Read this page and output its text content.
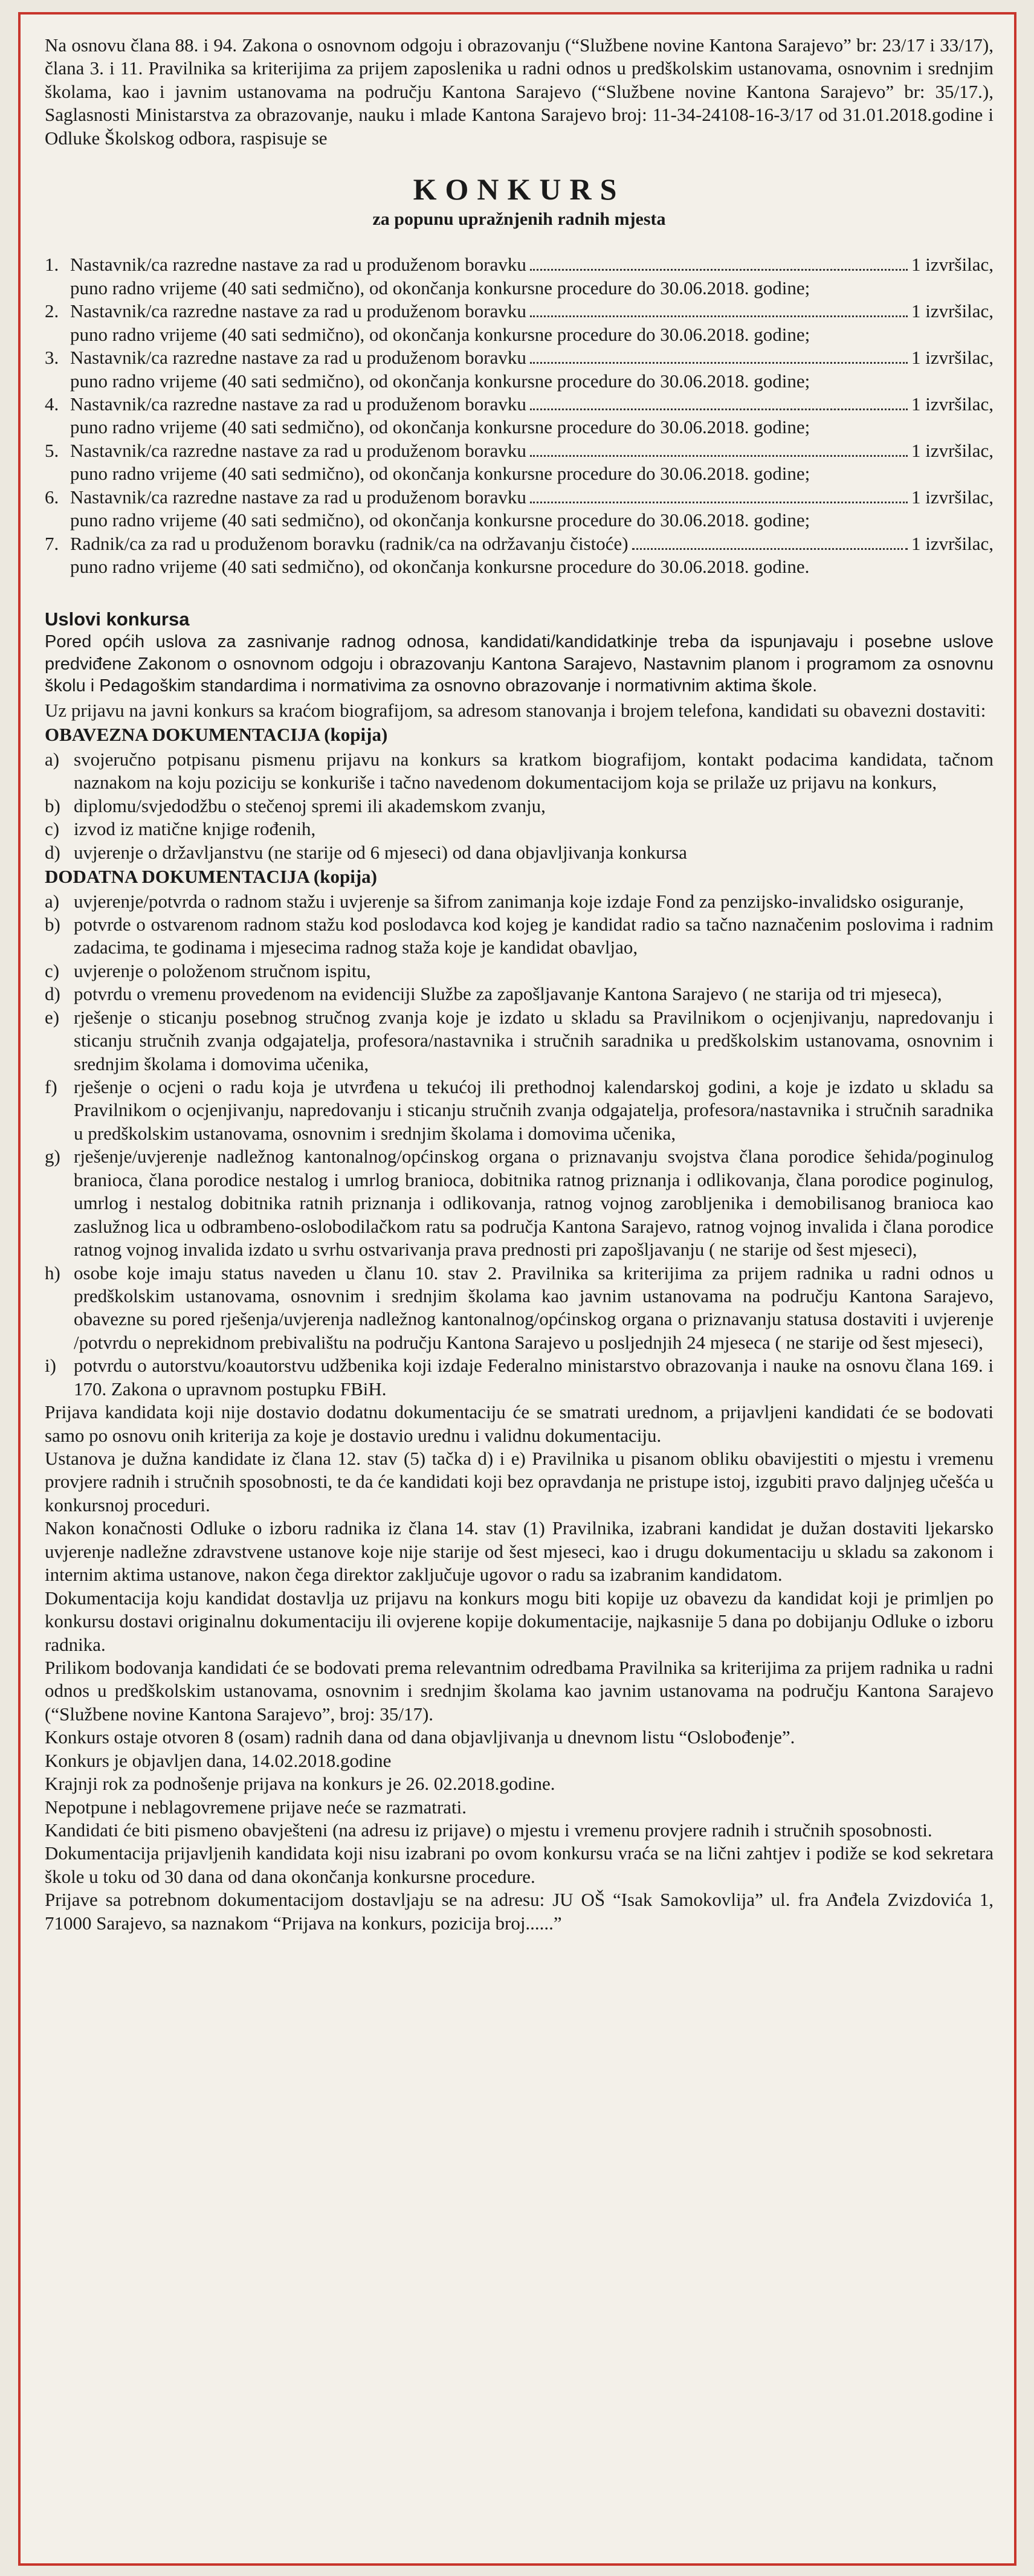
Na osnovu člana 88. i 94. Zakona o osnovnom odgoju i obrazovanju (“Službene novine Kantona Sarajevo” br: 23/17 i 33/17), člana 3. i 11. Pravilnika sa kriterijima za prijem zaposlenika u radni odnos u predškolskim ustanovama, osnovnim i srednjim školama, kao i javnim ustanovama na području Kantona Sarajevo (“Službene novine Kantona Sarajevo” br: 35/17.), Saglasnosti Ministarstva za obrazovanje, nauku i mlade Kantona Sarajevo broj: 11-34-24108-16-3/17 od 31.01.2018.godine i Odluke Školskog odbora, raspisuje se

KONKURS
za popunu upražnjenih radnih mjesta
1. Nastavnik/ca razredne nastave za rad u produženom boravku	1 izvršilac,
puno radno vrijeme (40 sati sedmično), od okončanja konkursne procedure do 30.06.2018. godine;
2. Nastavnik/ca razredne nastave za rad u produženom boravku	1 izvršilac,
puno radno vrijeme (40 sati sedmično), od okončanja konkursne procedure do 30.06.2018. godine;
3. Nastavnik/ca razredne nastave za rad u produženom boravku	1 izvršilac,
puno radno vrijeme (40 sati sedmično), od okončanja konkursne procedure do 30.06.2018. godine;
4. Nastavnik/ca razredne nastave za rad u produženom boravku	1 izvršilac,
puno radno vrijeme (40 sati sedmično), od okončanja konkursne procedure do 30.06.2018. godine;
5. Nastavnik/ca razredne nastave za rad u produženom boravku	1 izvršilac,
puno radno vrijeme (40 sati sedmično), od okončanja konkursne procedure do 30.06.2018. godine;
6. Nastavnik/ca razredne nastave za rad u produženom boravku	1 izvršilac,
puno radno vrijeme (40 sati sedmično), od okončanja konkursne procedure do 30.06.2018. godine;
7. Radnik/ca za rad u produženom boravku (radnik/ca na održavanju čistoće)	1 izvršilac,
puno radno vrijeme (40 sati sedmično), od okončanja konkursne procedure do 30.06.2018. godine.
Uslovi konkursa

Pored općih uslova za zasnivanje radnog odnosa, kandidati/kandidatkinje treba da ispunjavaju i posebne uslove predviđene Zakonom o osnovnom odgoju i obrazovanju Kantona Sarajevo, Nastavnim planom i programom za osnovnu školu i Pedagoškim standardima i normativima za osnovno obrazovanje i normativnim aktima škole.

Uz prijavu na javni konkurs sa kraćom biografijom, sa adresom stanovanja i brojem telefona, kandidati su obavezni dostaviti:

OBAVEZNA DOKUMENTACIJA (kopija)
a) svojeručno potpisanu pismenu prijavu na konkurs sa kratkom biografijom, kontakt podacima kandidata, tačnom naznakom na koju poziciju se konkuriše i tačno navedenom dokumentacijom koja se prilaže uz prijavu na konkurs,
b) diplomu/svjedodžbu o stečenoj spremi ili akademskom zvanju,
c) izvod iz matične knjige rođenih,
d) uvjerenje o državljanstvu (ne starije od 6 mjeseci) od dana objavljivanja konkursa
DODATNA DOKUMENTACIJA (kopija)
a) uvjerenje/potvrda o radnom stažu i uvjerenje sa šifrom zanimanja koje izdaje Fond za penzijsko-invalidsko osiguranje,
b) potvrde o ostvarenom radnom stažu kod poslodavca kod kojeg je kandidat radio sa tačno naznačenim poslovima i radnim zadacima, te godinama i mjesecima radnog staža koje je kandidat obavljao,
c) uvjerenje o položenom stručnom ispitu,
d) potvrdu o vremenu provedenom na evidenciji Službe za zapošljavanje Kantona Sarajevo ( ne starija od tri mjeseca),
e) rješenje o sticanju posebnog stručnog zvanja koje je izdato u skladu sa Pravilnikom o ocjenjivanju, napredovanju i sticanju stručnih zvanja odgajatelja, profesora/nastavnika i stručnih saradnika u predškolskim ustanovama, osnovnim i srednjim školama i domovima učenika,
f) rješenje o ocjeni o radu koja je utvrđena u tekućoj ili prethodnoj kalendarskoj godini, a koje je izdato u skladu sa Pravilnikom o ocjenjivanju, napredovanju i sticanju stručnih zvanja odgajatelja, profesora/nastavnika i stručnih saradnika u predškolskim ustanovama, osnovnim i srednjim školama i domovima učenika,
g) rješenje/uvjerenje nadležnog kantonalnog/općinskog organa o priznavanju svojstva člana porodice šehida/poginulog branioca, člana porodice nestalog i umrlog branioca, dobitnika ratnog priznanja i odlikovanja, člana porodice poginulog, umrlog i nestalog dobitnika ratnih priznanja i odlikovanja, ratnog vojnog zarobljenika i demobilisanog branioca kao zaslužnog lica u odbrambeno-oslobodilačkom ratu sa područja Kantona Sarajevo, ratnog vojnog invalida i člana porodice ratnog vojnog invalida izdato u svrhu ostvarivanja prava prednosti pri zapošljavanju ( ne starije od šest mjeseci),
h) osobe koje imaju status naveden u članu 10. stav 2. Pravilnika sa kriterijima za prijem radnika u radni odnos u predškolskim ustanovama, osnovnim i srednjim školama kao javnim ustanovama na području Kantona Sarajevo, obavezne su pored rješenja/uvjerenja nadležnog kantonalnog/općinskog organa o priznavanju statusa dostaviti i uvjerenje /potvrdu o neprekidnom prebivalištu na području Kantona Sarajevo u posljednjih 24 mjeseca ( ne starije od šest mjeseci),
i) potvrdu o autorstvu/koautorstvu udžbenika koji izdaje Federalno ministarstvo obrazovanja i nauke na osnovu člana 169. i 170. Zakona o upravnom postupku FBiH.

Prijava kandidata koji nije dostavio dodatnu dokumentaciju će se smatrati urednom, a prijavljeni kandidati će se bodovati samo po osnovu onih kriterija za koje je dostavio urednu i validnu dokumentaciju.

Ustanova je dužna kandidate iz člana 12. stav (5) tačka d) i e) Pravilnika u pisanom obliku obavijestiti o mjestu i vremenu provjere radnih i stručnih sposobnosti, te da će kandidati koji bez opravdanja ne pristupe istoj, izgubiti pravo daljnjeg učešća u konkursnoj proceduri.

Nakon konačnosti Odluke o izboru radnika iz člana 14. stav (1) Pravilnika, izabrani kandidat je dužan dostaviti ljekarsko uvjerenje nadležne zdravstvene ustanove koje nije starije od šest mjeseci, kao i drugu dokumentaciju u skladu sa zakonom i internim aktima ustanove, nakon čega direktor zaključuje ugovor o radu sa izabranim kandidatom.

Dokumentacija koju kandidat dostavlja uz prijavu na konkurs mogu biti kopije uz obavezu da kandidat koji je primljen po konkursu dostavi originalnu dokumentaciju ili ovjerene kopije dokumentacije, najkasnije 5 dana po dobijanju Odluke o izboru radnika.

Prilikom bodovanja kandidati će se bodovati prema relevantnim odredbama Pravilnika sa kriterijima za prijem radnika u radni odnos u predškolskim ustanovama, osnovnim i srednjim školama kao javnim ustanovama na području Kantona Sarajevo (“Službene novine Kantona Sarajevo”, broj: 35/17).

Konkurs ostaje otvoren 8 (osam) radnih dana od dana objavljivanja u dnevnom listu “Oslobođenje”.

Konkurs je objavljen dana, 14.02.2018.godine

Krajnji rok za podnošenje prijava na konkurs je 26. 02.2018.godine.

Nepotpune i neblagovremene prijave neće se razmatrati.

Kandidati će biti pismeno obavješteni (na adresu iz prijave) o mjestu i vremenu provjere radnih i stručnih sposobnosti.

Dokumentacija prijavljenih kandidata koji nisu izabrani po ovom konkursu vraća se na lični zahtjev i podiže se kod sekretara škole u toku od 30 dana od dana okončanja konkursne procedure.

Prijave sa potrebnom dokumentacijom dostavljaju se na adresu: JU OŠ “Isak Samokovlija” ul. fra Anđela Zvizdovića 1, 71000 Sarajevo, sa naznakom “Prijava na konkurs, pozicija broj......”
